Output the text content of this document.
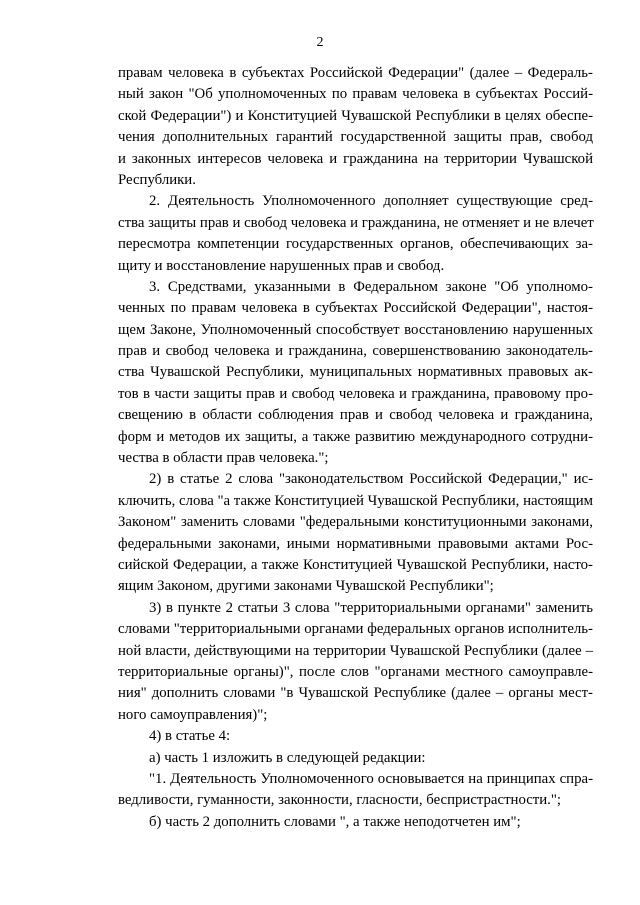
2
правам человека в субъектах Российской Федерации" (далее – Федераль-
ный закон "Об уполномоченных по правам человека в субъектах Россий-
ской Федерации") и Конституцией Чувашской Республики в целях обеспе-
чения дополнительных гарантий государственной защиты прав, свобод
и законных интересов человека и гражданина на территории Чувашской
Республики.
2. Деятельность Уполномоченного дополняет существующие сред-
ства защиты прав и свобод человека и гражданина, не отменяет и не влечет
пересмотра компетенции государственных органов, обеспечивающих за-
щиту и восстановление нарушенных прав и свобод.
3. Средствами, указанными в Федеральном законе "Об уполномо-
ченных по правам человека в субъектах Российской Федерации", настоя-
щем Законе, Уполномоченный способствует восстановлению нарушенных
прав и свобод человека и гражданина, совершенствованию законодатель-
ства Чувашской Республики, муниципальных нормативных правовых ак-
тов в части защиты прав и свобод человека и гражданина, правовому про-
свещению в области соблюдения прав и свобод человека и гражданина,
форм и методов их защиты, а также развитию международного сотрудни-
чества в области прав человека.";
2) в статье 2 слова "законодательством Российской Федерации," ис-
ключить, слова "а также Конституцией Чувашской Республики, настоящим
Законом" заменить словами "федеральными конституционными законами,
федеральными законами, иными нормативными правовыми актами Рос-
сийской Федерации, а также Конституцией Чувашской Республики, насто-
ящим Законом, другими законами Чувашской Республики";
3) в пункте 2 статьи 3 слова "территориальными органами" заменить
словами "территориальными органами федеральных органов исполнитель-
ной власти, действующими на территории Чувашской Республики (далее –
территориальные органы)", после слов "органами местного самоуправле-
ния" дополнить словами "в Чувашской Республике (далее – органы мест-
ного самоуправления)";
4) в статье 4:
а) часть 1 изложить в следующей редакции:
"1. Деятельность Уполномоченного основывается на принципах спра-
ведливости, гуманности, законности, гласности, беспристрастности.";
б) часть 2 дополнить словами ", а также неподотчетен им";
